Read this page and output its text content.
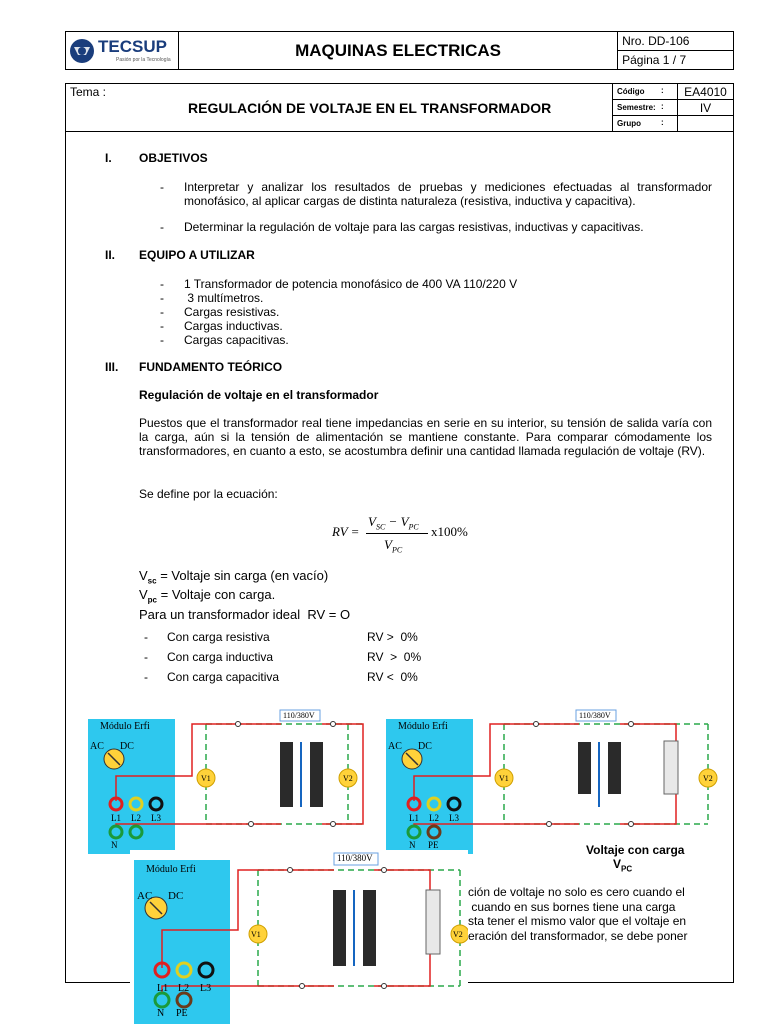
TECSUP
Pasión por la Tecnología
	MAQUINAS ELECTRICAS	Nro. DD-106
Página 1 / 7
Tema :
REGULACIÓN DE VOLTAJE EN EL TRANSFORMADOR	Código :	EA4010
	Semestre: :	IV
	Grupo :	

I. OBJETIVOS
- Interpretar y analizar los resultados de pruebas y mediciones efectuadas al transformador monofásico, al aplicar cargas de distinta naturaleza (resistiva, inductiva y capacitiva).
- Determinar la regulación de voltaje para las cargas resistivas, inductivas y capacitivas.
II. EQUIPO A UTILIZAR
- 1 Transformador de potencia monofásico de 400 VA 110/220 V
- 3 multímetros.
- Cargas resistivas.
- Cargas inductivas.
- Cargas capacitivas.
III. FUNDAMENTO TEÓRICO
Regulación de voltaje en el transformador
Puestos que el transformador real tiene impedancias en serie en su interior, su tensión de salida varía con la carga, aún si la tensión de alimentación se mantiene constante. Para comparar cómodamente los transformadores, en cuanto a esto, se acostumbra definir una cantidad llamada regulación de voltaje (RV).
Se define por la ecuación:
RV =
$V_{SC} - V_{PC}$
$V_{PC}$
x100%
$V_{sc}$ = Voltaje sin carga (en vacío)
$V_{pc}$ = Voltaje con carga.
Para un transformador ideal  RV = O
- Con carga resistiva	RV >  0%
- Con carga inductiva	RV  >  0%
- Con carga capacitiva	RV <  0%
ción de voltaje no solo es cero cuando el
cuando en sus bornes tiene una carga
sta tener el mismo valor que el voltaje en
eración del transformador, se debe poner
Voltaje con carga
$V_{PC}$
Módulo Erfi
AC DC
L1 L2 L3
N
110/380V
V1	V2
Módulo Erfi
AC DC
L1 L2 L3
N PE
110/380V
V1	V2
Módulo Erfi
AC DC
L1 L2 L3
N PE
110/380V
V1	V2
